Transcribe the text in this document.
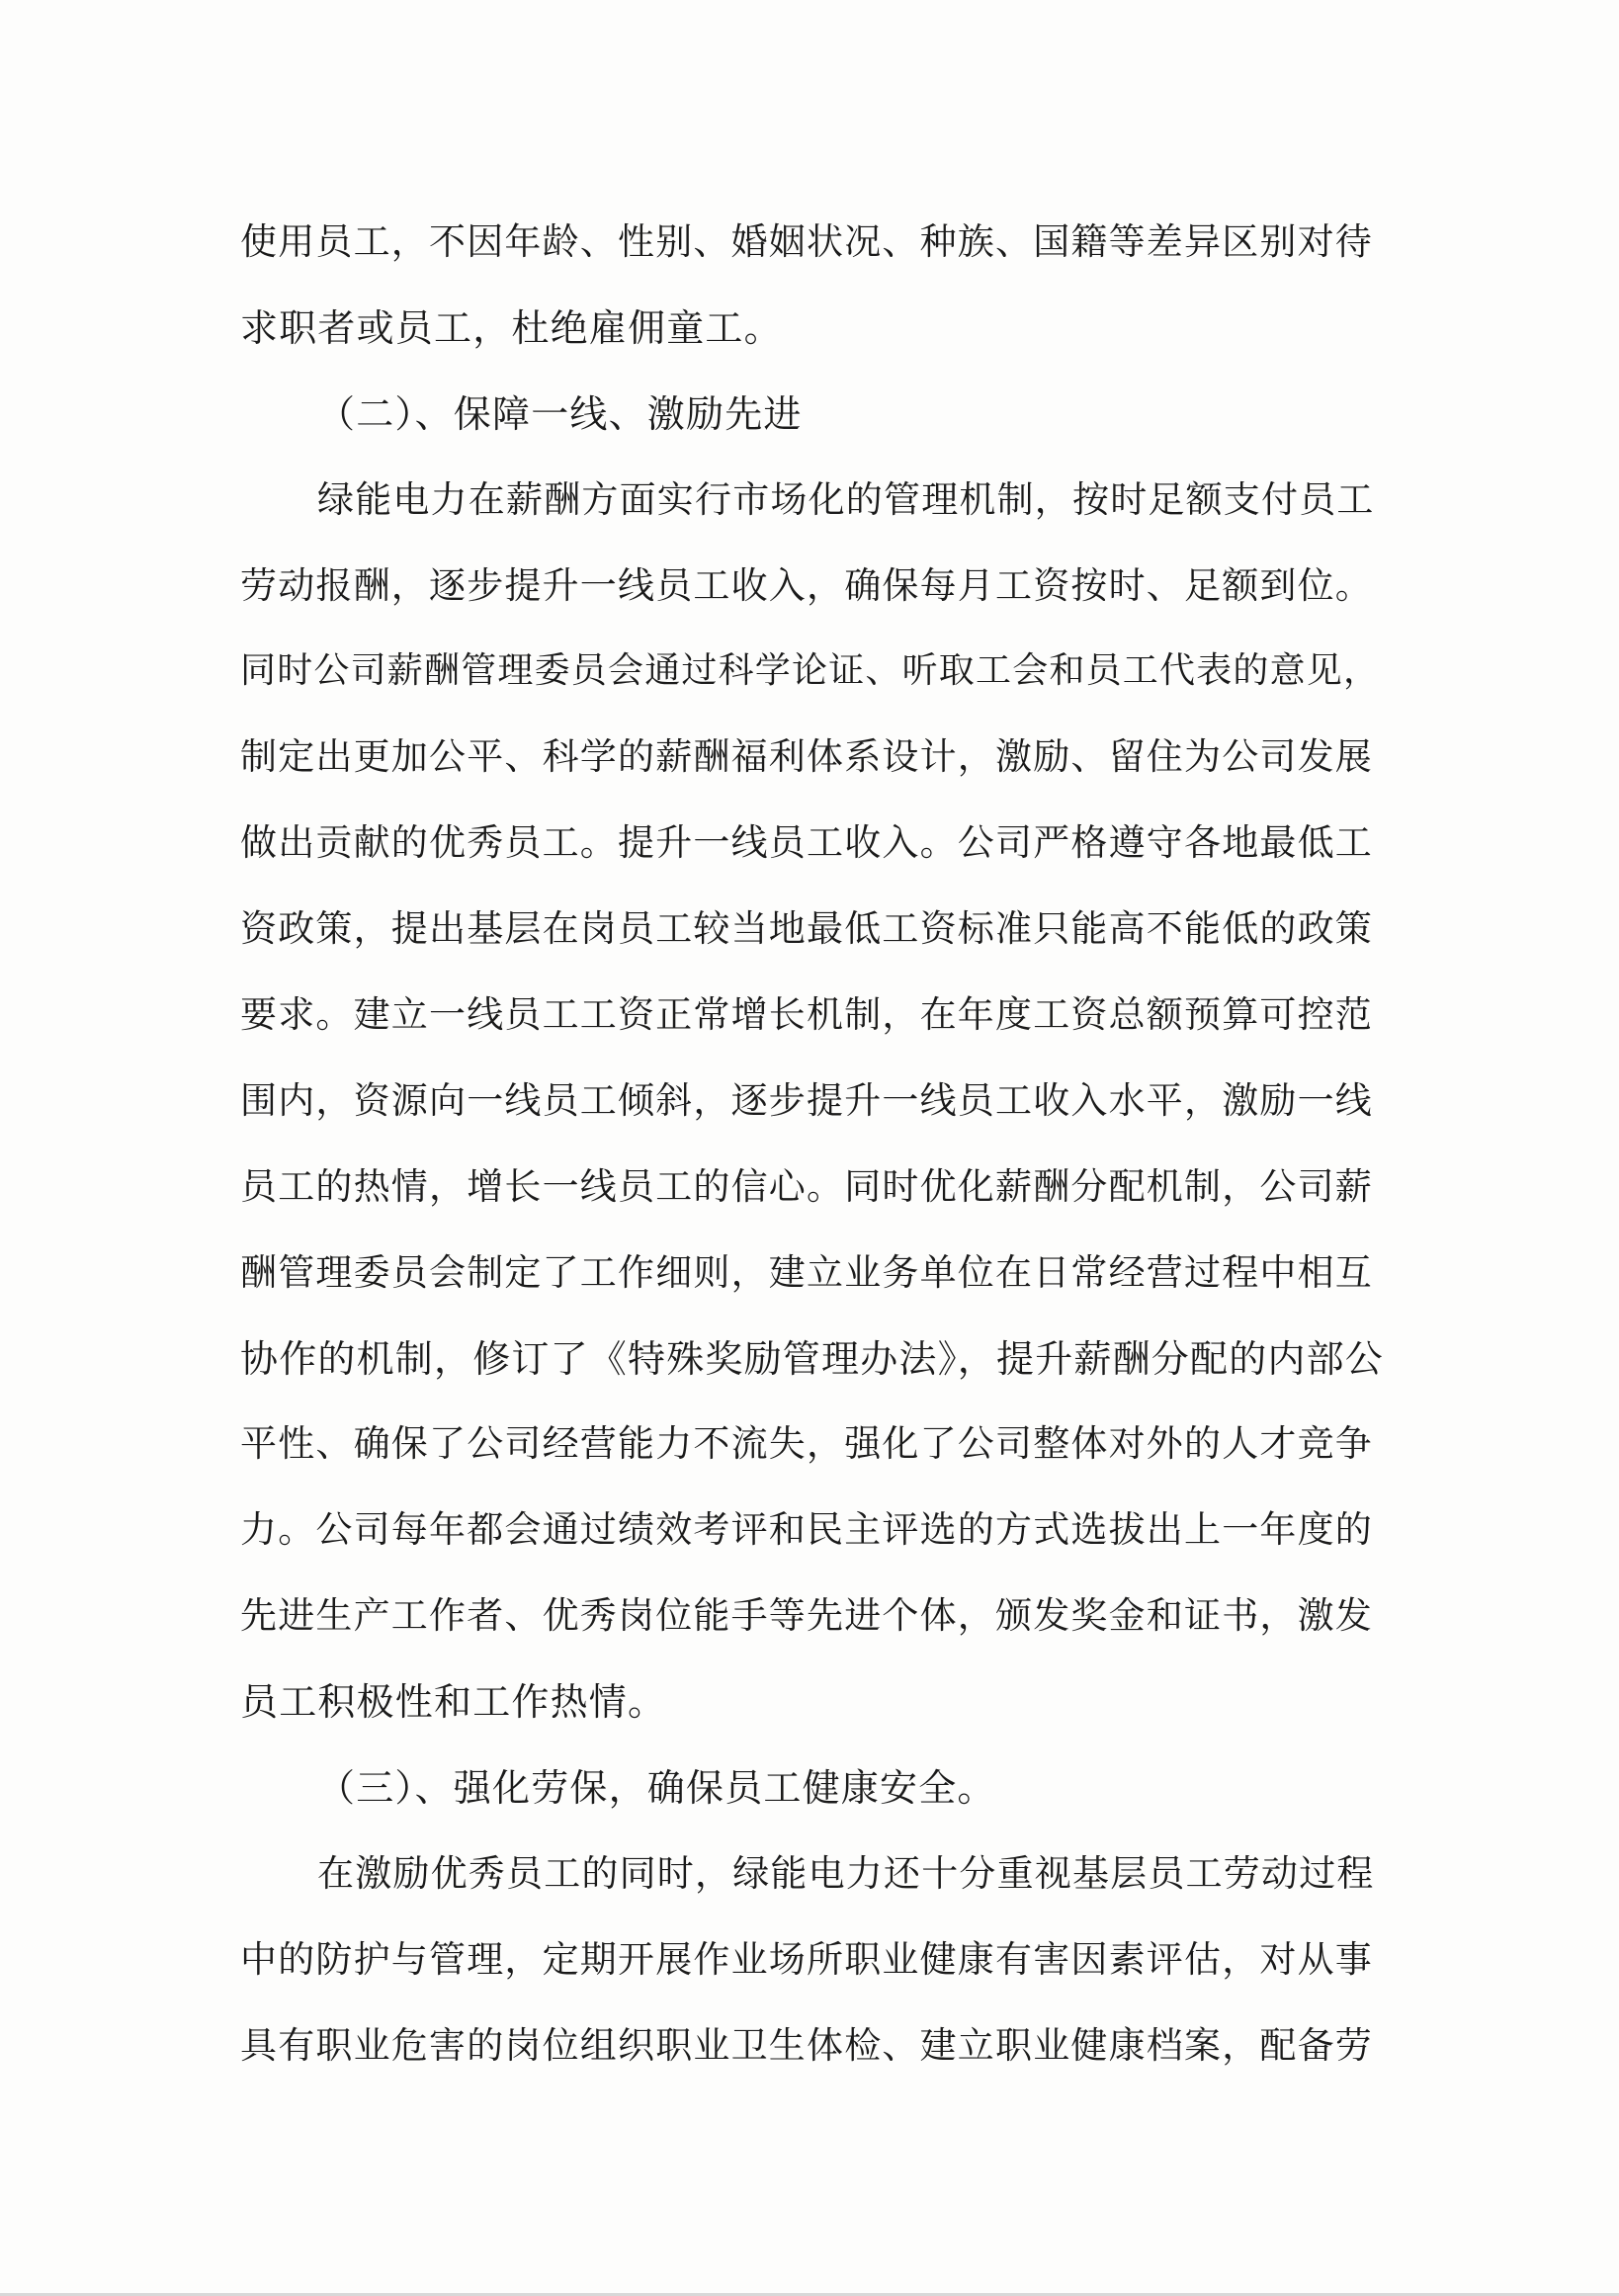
使用员工，不因年龄、性别、婚姻状况、种族、国籍等差异区别对待
求职者或员工，杜绝雇佣童工。
（二）、保障一线、激励先进
绿能电力在薪酬方面实行市场化的管理机制，按时足额支付员工
劳动报酬，逐步提升一线员工收入，确保每月工资按时、足额到位。
同时公司薪酬管理委员会通过科学论证、听取工会和员工代表的意见，
制定出更加公平、科学的薪酬福利体系设计，激励、留住为公司发展
做出贡献的优秀员工。提升一线员工收入。公司严格遵守各地最低工
资政策，提出基层在岗员工较当地最低工资标准只能高不能低的政策
要求。建立一线员工工资正常增长机制，在年度工资总额预算可控范
围内，资源向一线员工倾斜，逐步提升一线员工收入水平，激励一线
员工的热情，增长一线员工的信心。同时优化薪酬分配机制，公司薪
酬管理委员会制定了工作细则，建立业务单位在日常经营过程中相互
协作的机制，修订了《特殊奖励管理办法》，提升薪酬分配的内部公
平性、确保了公司经营能力不流失，强化了公司整体对外的人才竞争
力。公司每年都会通过绩效考评和民主评选的方式选拔出上一年度的
先进生产工作者、优秀岗位能手等先进个体，颁发奖金和证书，激发
员工积极性和工作热情。
（三）、强化劳保，确保员工健康安全。
在激励优秀员工的同时，绿能电力还十分重视基层员工劳动过程
中的防护与管理，定期开展作业场所职业健康有害因素评估，对从事
具有职业危害的岗位组织职业卫生体检、建立职业健康档案，配备劳
